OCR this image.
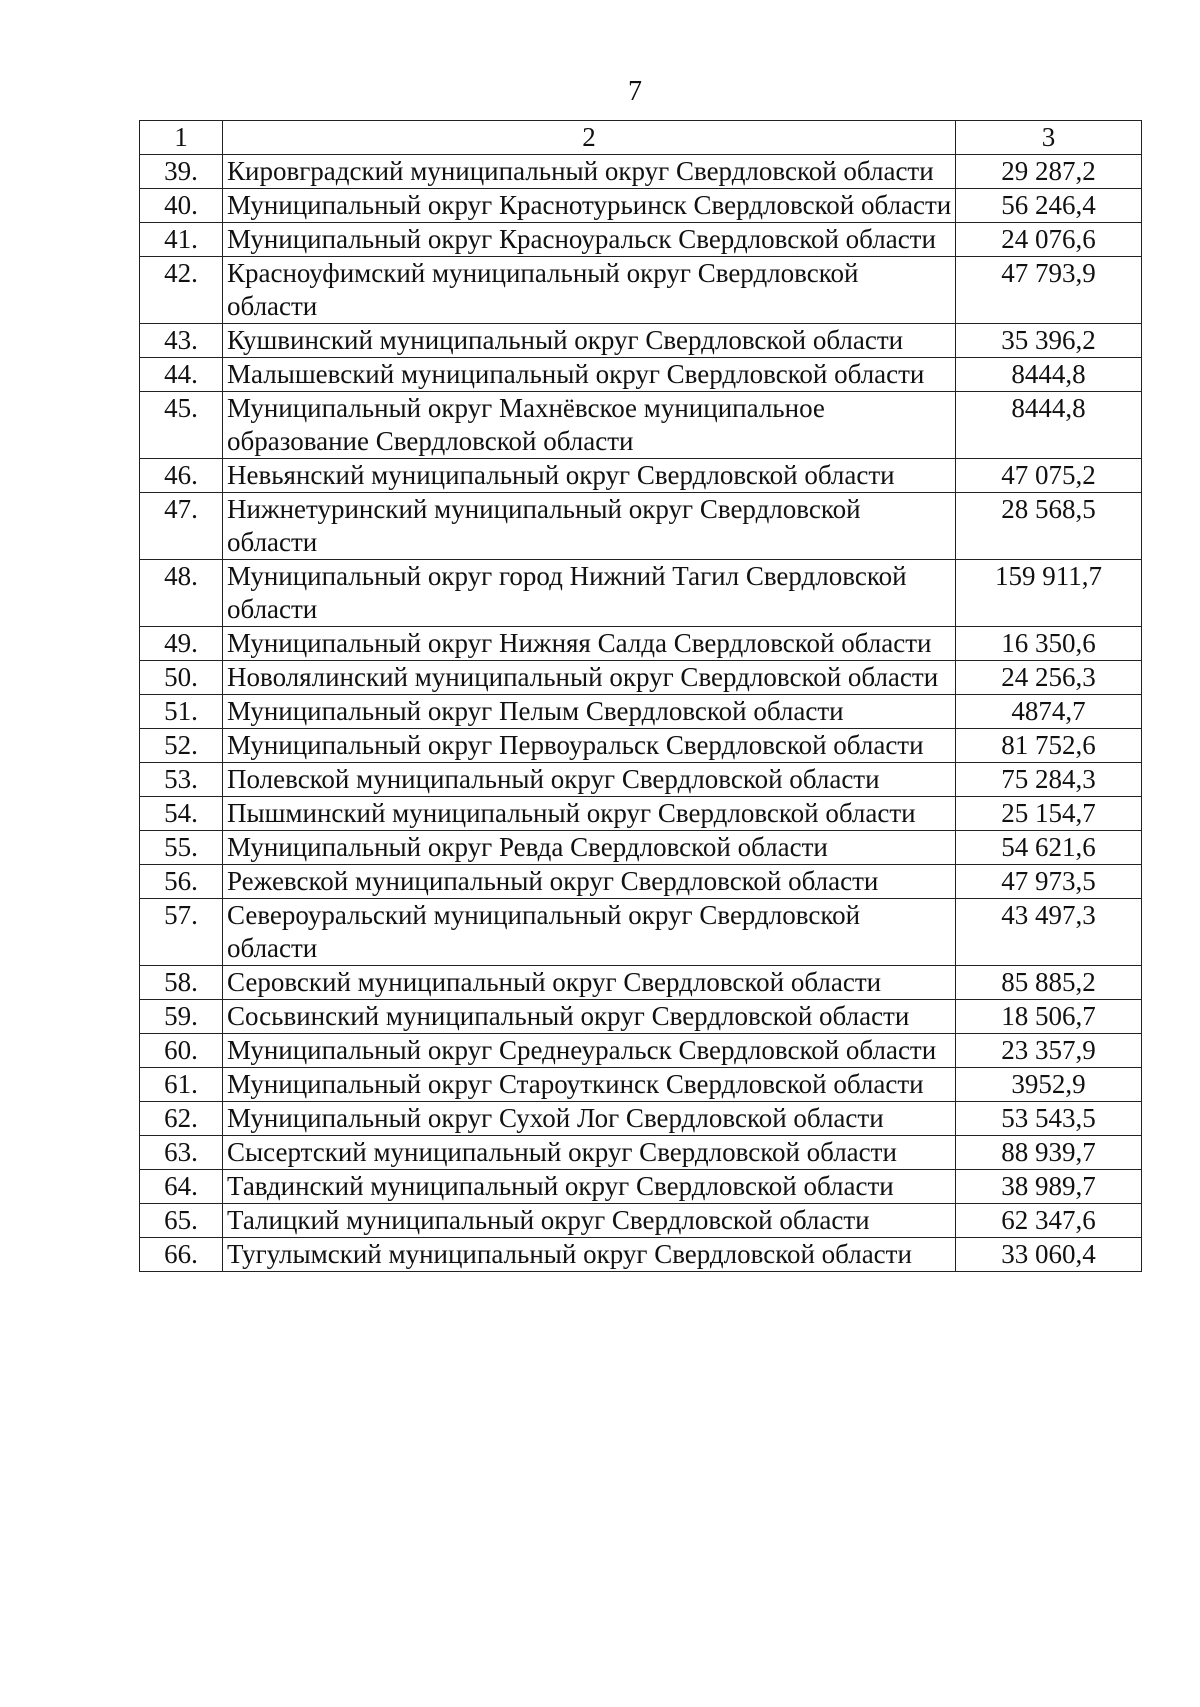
7
1	2	3
39.	Кировградский муниципальный округ Свердловской области	29 287,2
40.	Муниципальный округ Краснотурьинск Свердловской области	56 246,4
41.	Муниципальный округ Красноуральск Свердловской области	24 076,6
42.	Красноуфимский муниципальный округ Свердловской области	47 793,9
43.	Кушвинский муниципальный округ Свердловской области	35 396,2
44.	Малышевский муниципальный округ Свердловской области	8444,8
45.	Муниципальный округ Махнёвское муниципальное образование Свердловской области	8444,8
46.	Невьянский муниципальный округ Свердловской области	47 075,2
47.	Нижнетуринский муниципальный округ Свердловской области	28 568,5
48.	Муниципальный округ город Нижний Тагил Свердловской области	159 911,7
49.	Муниципальный округ Нижняя Салда Свердловской области	16 350,6
50.	Новолялинский муниципальный округ Свердловской области	24 256,3
51.	Муниципальный округ Пелым Свердловской области	4874,7
52.	Муниципальный округ Первоуральск Свердловской области	81 752,6
53.	Полевской муниципальный округ Свердловской области	75 284,3
54.	Пышминский муниципальный округ Свердловской области	25 154,7
55.	Муниципальный округ Ревда Свердловской области	54 621,6
56.	Режевской муниципальный округ Свердловской области	47 973,5
57.	Североуральский муниципальный округ Свердловской области	43 497,3
58.	Серовский муниципальный округ Свердловской области	85 885,2
59.	Сосьвинский муниципальный округ Свердловской области	18 506,7
60.	Муниципальный округ Среднеуральск Свердловской области	23 357,9
61.	Муниципальный округ Староуткинск Свердловской области	3952,9
62.	Муниципальный округ Сухой Лог Свердловской области	53 543,5
63.	Сысертский муниципальный округ Свердловской области	88 939,7
64.	Тавдинский муниципальный округ Свердловской области	38 989,7
65.	Талицкий муниципальный округ Свердловской области	62 347,6
66.	Тугулымский муниципальный округ Свердловской области	33 060,4
